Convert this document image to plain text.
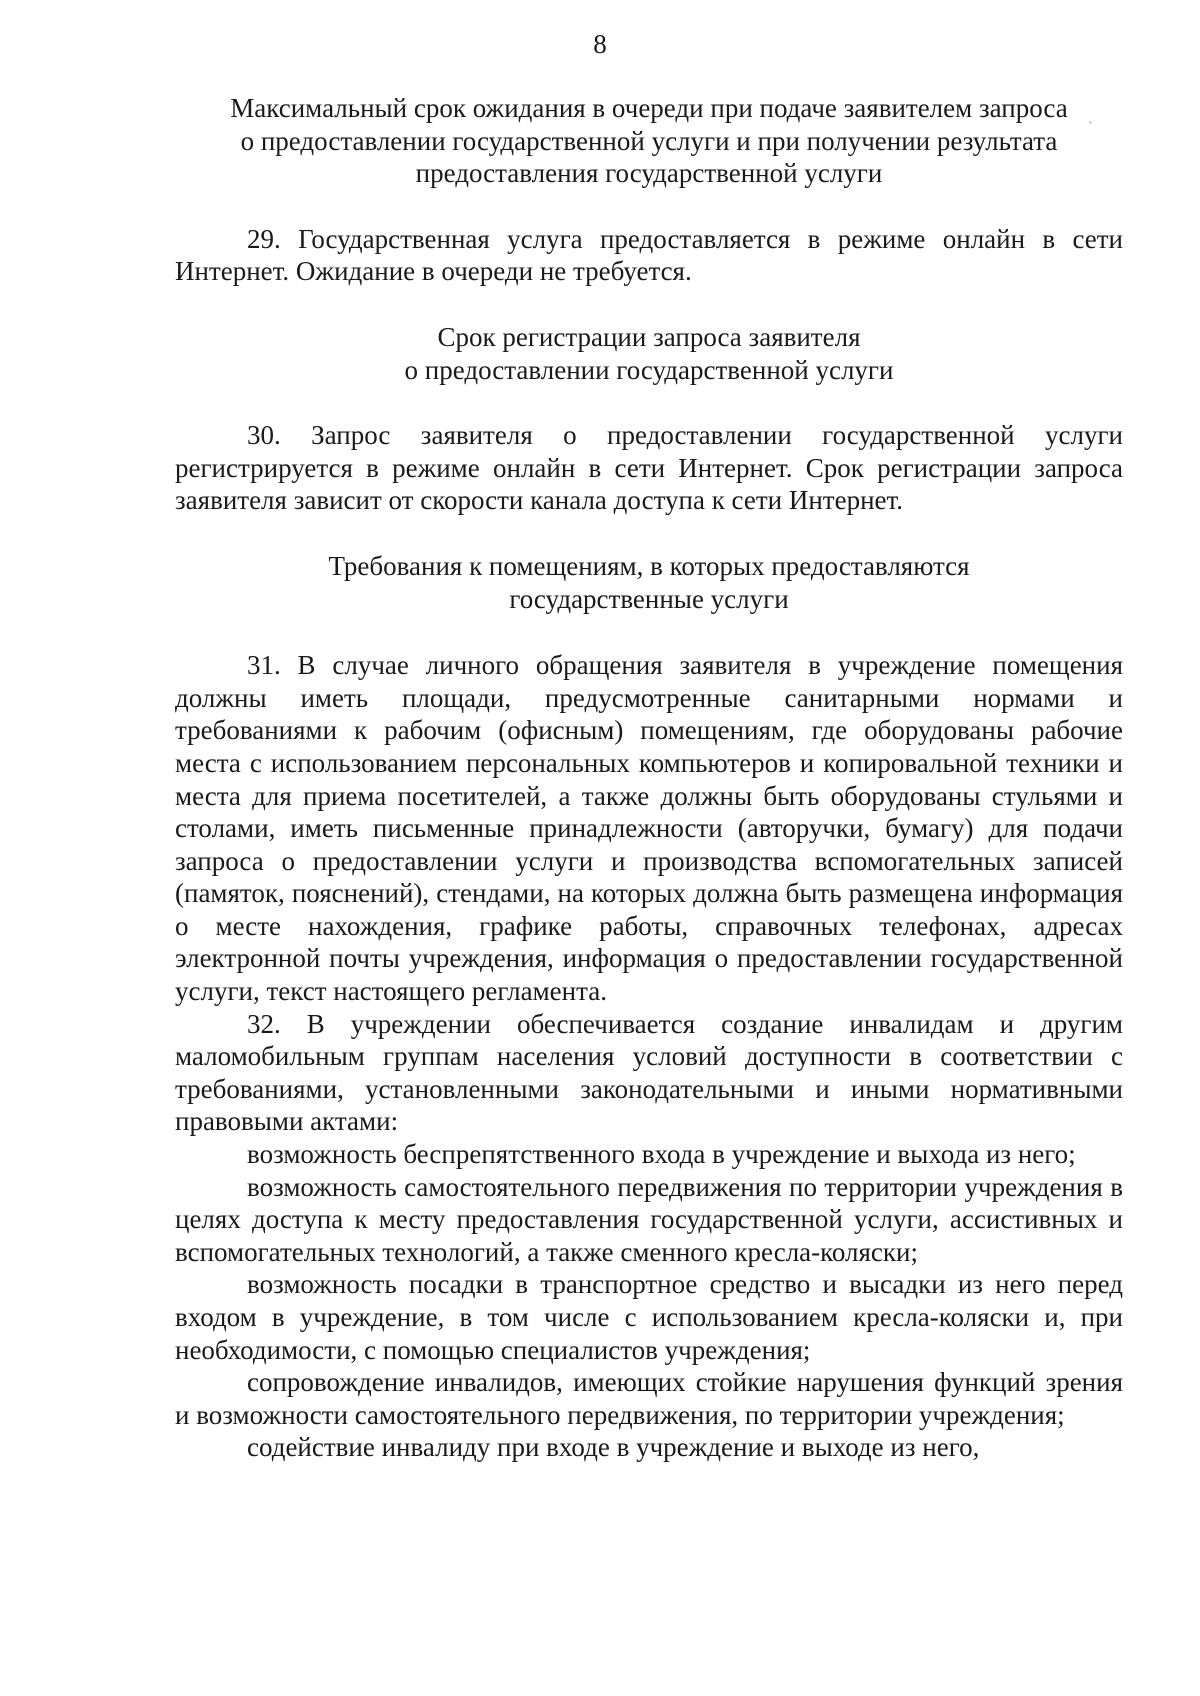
8
Максимальный срок ожидания в очереди при подаче заявителем запроса
о предоставлении государственной услуги и при получении результата
предоставления государственной услуги

29. Государственная услуга предоставляется в режиме онлайн в сети Интернет. Ожидание в очереди не требуется.

Срок регистрации запроса заявителя
о предоставлении государственной услуги

30. Запрос заявителя о предоставлении государственной услуги регистрируется в режиме онлайн в сети Интернет. Срок регистрации запроса заявителя зависит от скорости канала доступа к сети Интернет.

Требования к помещениям, в которых предоставляются
государственные услуги

31. В случае личного обращения заявителя в учреждение помещения должны иметь площади, предусмотренные санитарными нормами и требованиями к рабочим (офисным) помещениям, где оборудованы рабочие места с использованием персональных компьютеров и копировальной техники и места для приема посетителей, а также должны быть оборудованы стульями и столами, иметь письменные принадлежности (авторучки, бумагу) для подачи запроса о предоставлении услуги и производства вспомогательных записей (памяток, пояснений), стендами, на которых должна быть размещена информация о месте нахождения, графике работы, справочных телефонах, адресах электронной почты учреждения, информация о предоставлении государственной услуги, текст настоящего регламента.

32. В учреждении обеспечивается создание инвалидам и другим маломобильным группам населения условий доступности в соответствии с требованиями, установленными законодательными и иными нормативными правовыми актами:

возможность беспрепятственного входа в учреждение и выхода из него;

возможность самостоятельного передвижения по территории учреждения в целях доступа к месту предоставления государственной услуги, ассистивных и вспомогательных технологий, а также сменного кресла-коляски;

возможность посадки в транспортное средство и высадки из него перед входом в учреждение, в том числе с использованием кресла-коляски и, при необходимости, с помощью специалистов учреждения;

сопровождение инвалидов, имеющих стойкие нарушения функций зрения и возможности самостоятельного передвижения, по территории учреждения;

содействие инвалиду при входе в учреждение и выходе из него,

`
